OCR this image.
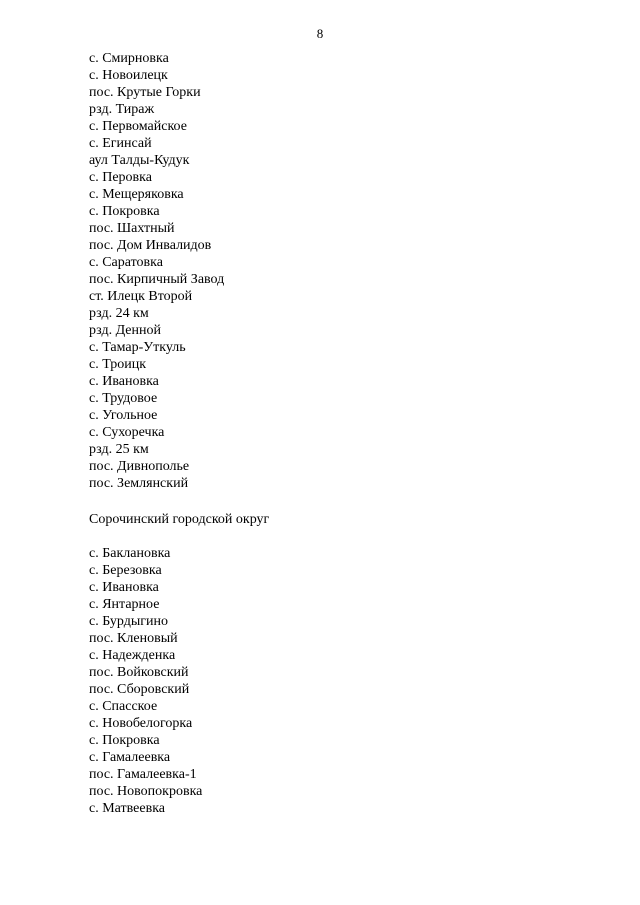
8
с. Смирновка
с. Новоилецк
пос. Крутые Горки
рзд. Тираж
с. Первомайское
с. Егинсай
аул Талды-Кудук
с. Перовка
с. Мещеряковка
с. Покровка
пос. Шахтный
пос. Дом Инвалидов
с. Саратовка
пос. Кирпичный Завод
ст. Илецк Второй
рзд. 24 км
рзд. Денной
с. Тамар-Уткуль
с. Троицк
с. Ивановка
с. Трудовое
с. Угольное
с. Сухоречка
рзд. 25 км
пос. Дивнополье
пос. Землянский
Сорочинский городской округ
с. Баклановка
с. Березовка
с. Ивановка
с. Янтарное
с. Бурдыгино
пос. Кленовый
с. Надежденка
пос. Войковский
пос. Сборовский
с. Спасское
с. Новобелогорка
с. Покровка
с. Гамалеевка
пос. Гамалеевка-1
пос. Новопокровка
с. Матвеевка
